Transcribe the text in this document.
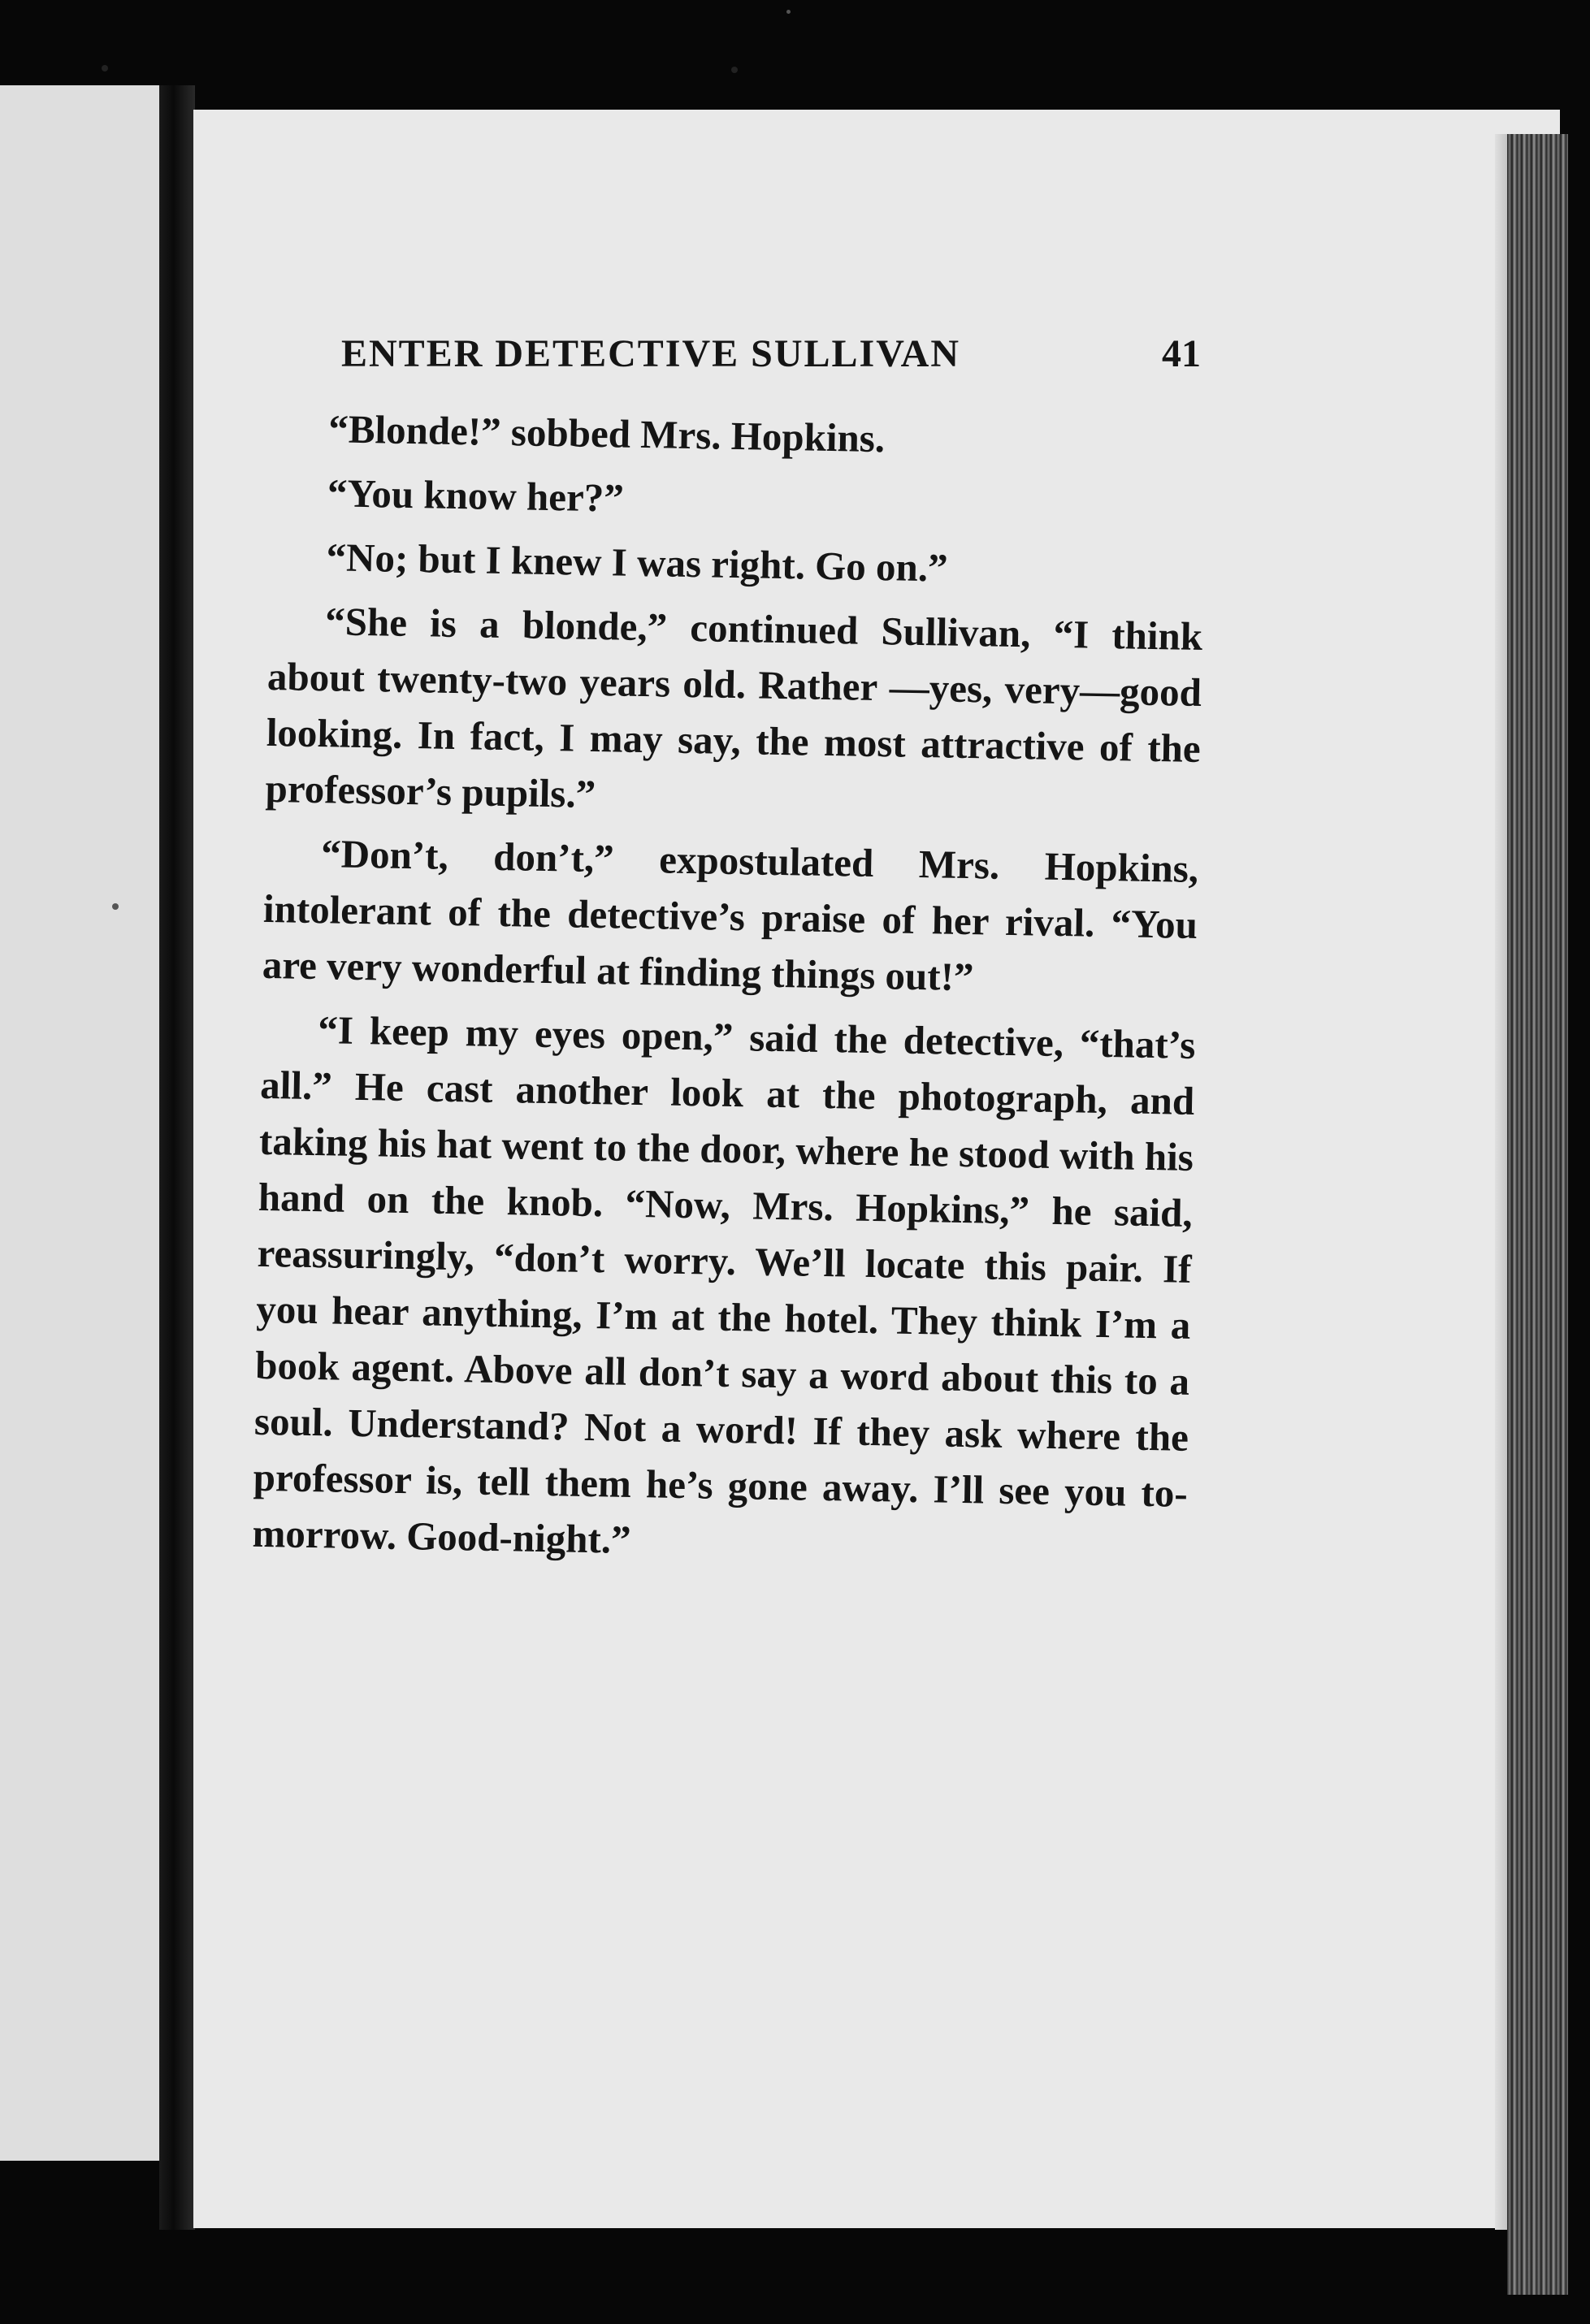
ENTER DETECTIVE SULLIVAN	41

“Blonde!” sobbed Mrs. Hopkins.

“You know her?”

“No; but I knew I was right. Go on.”

“She is a blonde,” continued Sullivan, “I think about twenty-two years old. Rather —yes, very—good looking. In fact, I may say, the most attractive of the professor’s pupils.”

“Don’t, don’t,” expostulated Mrs. Hopkins, intolerant of the detective’s praise of her rival. “You are very wonderful at finding things out!”

“I keep my eyes open,” said the detective, “that’s all.” He cast another look at the photograph, and taking his hat went to the door, where he stood with his hand on the knob. “Now, Mrs. Hopkins,” he said, reassuringly, “don’t worry. We’ll locate this pair. If you hear anything, I’m at the hotel. They think I’m a book agent. Above all don’t say a word about this to a soul. Understand? Not a word! If they ask where the professor is, tell them he’s gone away. I’ll see you to-morrow. Good-night.”
